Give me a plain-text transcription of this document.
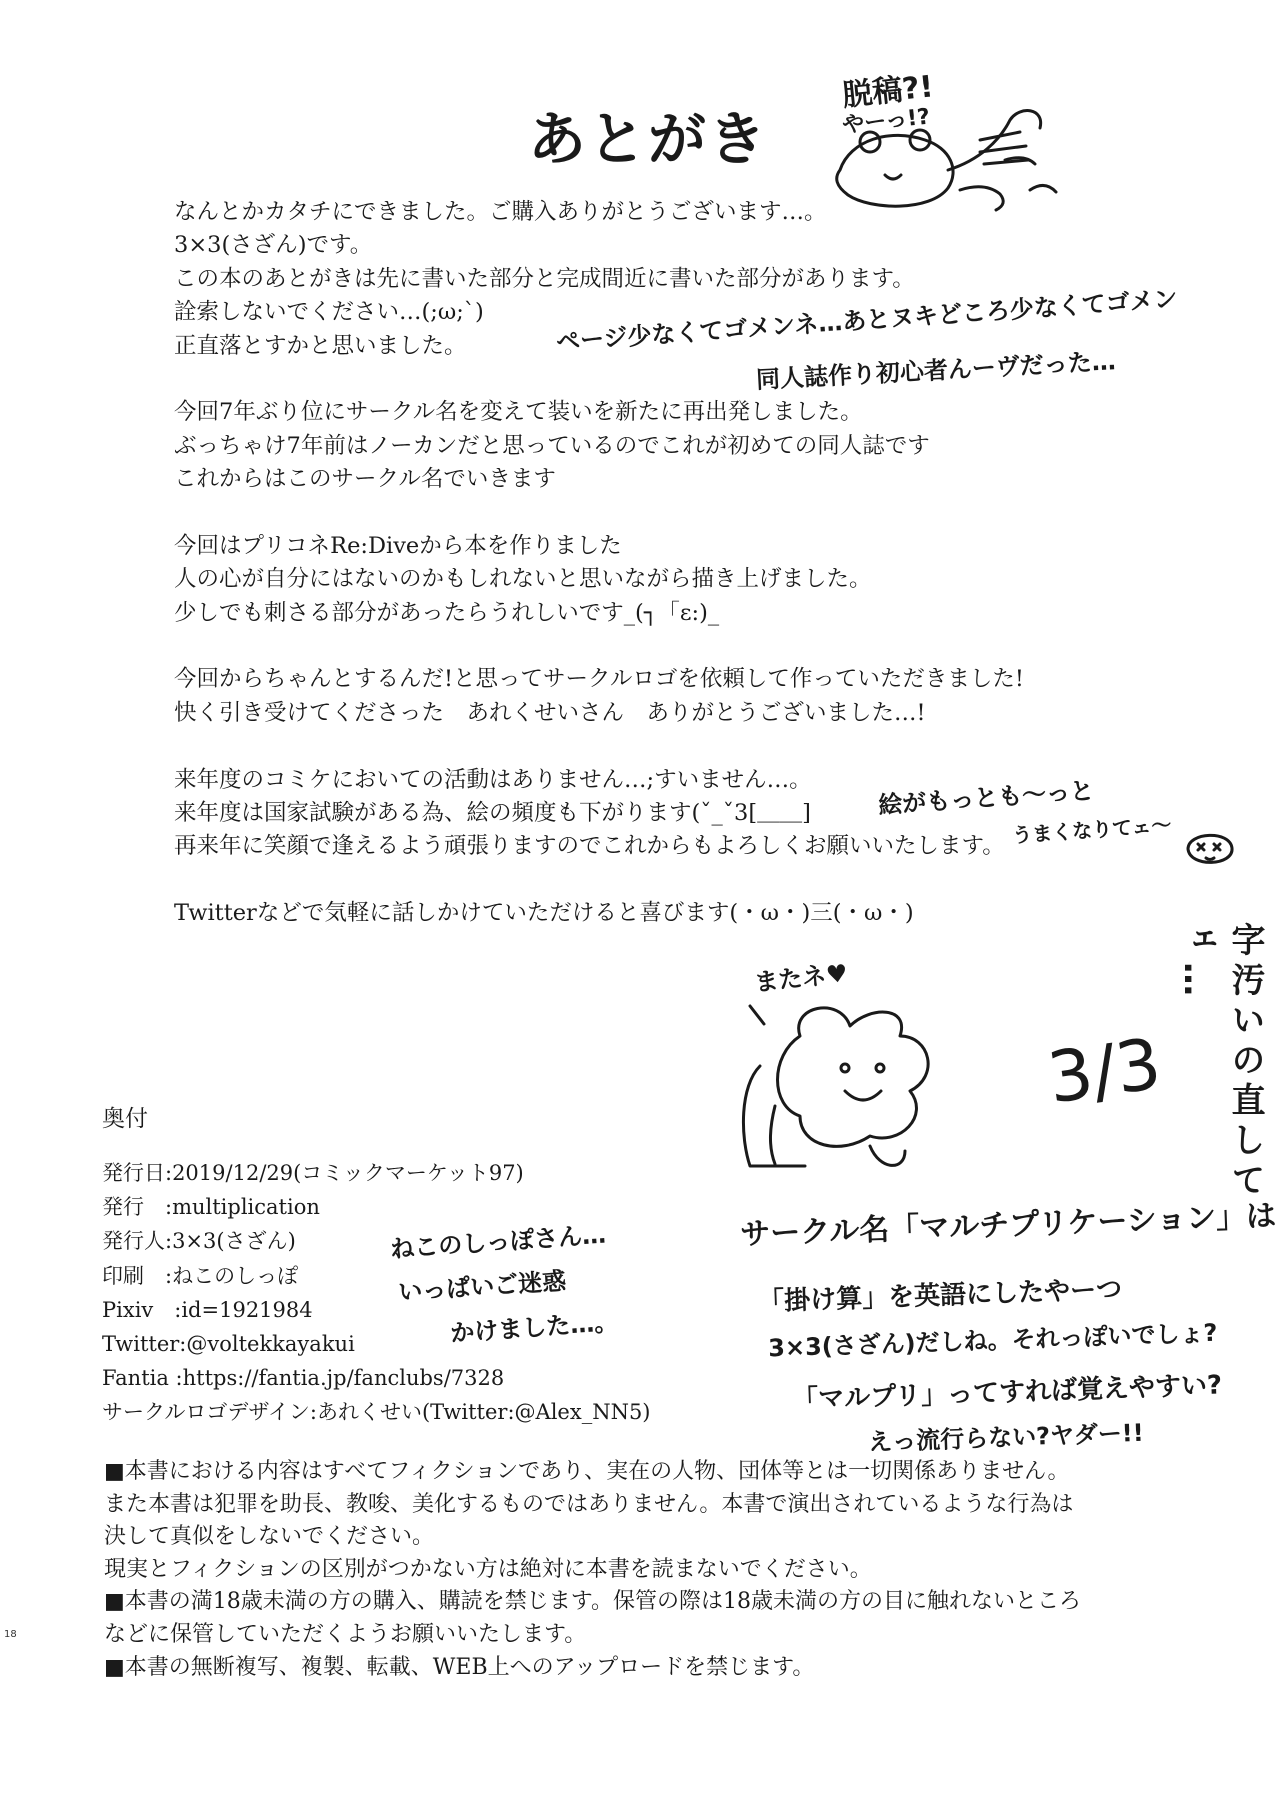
あとがき
脱稿?!
やーっ!?
なんとかカタチにできました。ご購入ありがとうございます…。
3×3(さざん)です。
この本のあとがきは先に書いた部分と完成間近に書いた部分があります。
詮索しないでください…(;ω;`)
正直落とすかと思いました。
今回7年ぶり位にサークル名を変えて装いを新たに再出発しました。
ぶっちゃけ7年前はノーカンだと思っているのでこれが初めての同人誌です
これからはこのサークル名でいきます
今回はプリコネRe:Diveから本を作りました
人の心が自分にはないのかもしれないと思いながら描き上げました。
少しでも刺さる部分があったらうれしいです_(┐「ε:)_
今回からちゃんとするんだ!と思ってサークルロゴを依頼して作っていただきました!
快く引き受けてくださった　あれくせいさん　ありがとうございました…!
来年度のコミケにおいての活動はありません…;すいません…。
来年度は国家試験がある為、絵の頻度も下がります(ˇ_ˇ3[＿＿]
再来年に笑顔で逢えるよう頑張りますのでこれからもよろしくお願いいたします。
Twitterなどで気軽に話しかけていただけると喜びます(・ω・)三(・ω・)
ページ少なくてゴメンネ…あとヌキどころ少なくてゴメン
同人誌作り初心者んーヴだった…
絵がもっとも〜っと
うまくなりてェ〜
またネ♥
3/3	字汚いの直してェ…
サークル名「マルチプリケーション」は
「掛け算」を英語にしたやーつ
3×3(さざん)だしね。それっぽいでしょ?
「マルプリ」ってすれば覚えやすい?
えっ流行らない?ヤダー!!
ねこのしっぽさん…
いっぱいご迷惑
かけました…。
奥付
発行日:2019/12/29(コミックマーケット97)
発行　:multiplication
発行人:3×3(さざん)
印刷　:ねこのしっぽ
Pixiv　:id=1921984
Twitter:@voltekkayakui
Fantia :https://fantia.jp/fanclubs/7328
サークルロゴデザイン:あれくせい(Twitter:@Alex_NN5)
■本書における内容はすべてフィクションであり、実在の人物、団体等とは一切関係ありません。
また本書は犯罪を助長、教唆、美化するものではありません。本書で演出されているような行為は
決して真似をしないでください。
現実とフィクションの区別がつかない方は絶対に本書を読まないでください。
■本書の満18歳未満の方の購入、購読を禁じます。保管の際は18歳未満の方の目に触れないところ
などに保管していただくようお願いいたします。
■本書の無断複写、複製、転載、WEB上へのアップロードを禁じます。
18
